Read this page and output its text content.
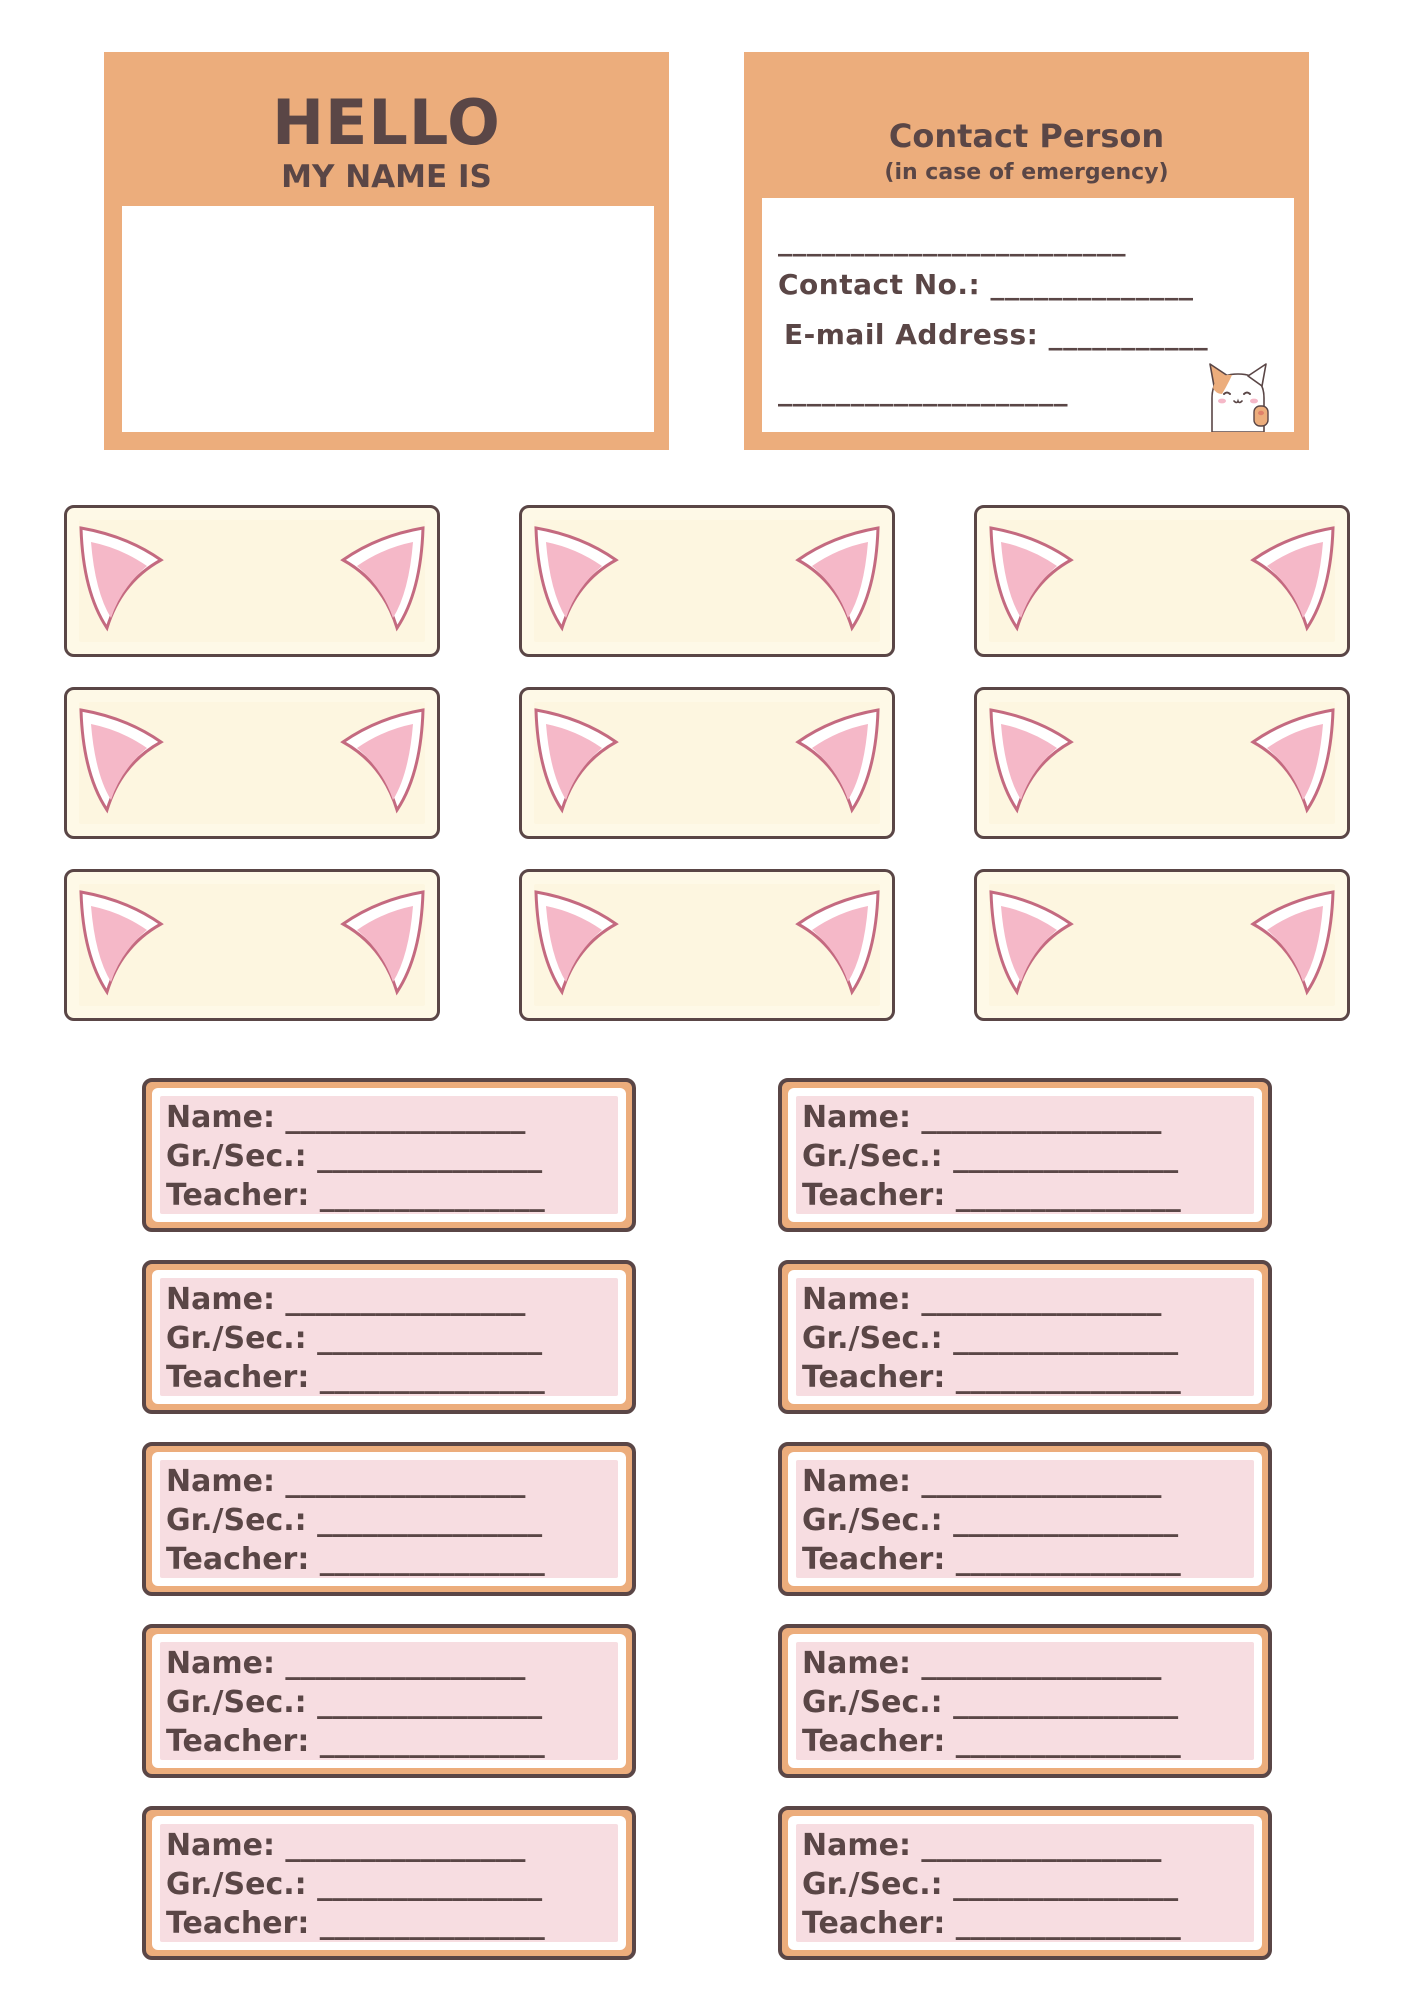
HELLO
MY NAME IS
Contact Person
(in case of emergency)
________________________
Contact No.: ______________
E-mail Address: ___________
____________________
Name: ________________
Gr./Sec.: _______________
Teacher: _______________
Name: ________________
Gr./Sec.: _______________
Teacher: _______________
Name: ________________
Gr./Sec.: _______________
Teacher: _______________
Name: ________________
Gr./Sec.: _______________
Teacher: _______________
Name: ________________
Gr./Sec.: _______________
Teacher: _______________
Name: ________________
Gr./Sec.: _______________
Teacher: _______________
Name: ________________
Gr./Sec.: _______________
Teacher: _______________
Name: ________________
Gr./Sec.: _______________
Teacher: _______________
Name: ________________
Gr./Sec.: _______________
Teacher: _______________
Name: ________________
Gr./Sec.: _______________
Teacher: _______________
